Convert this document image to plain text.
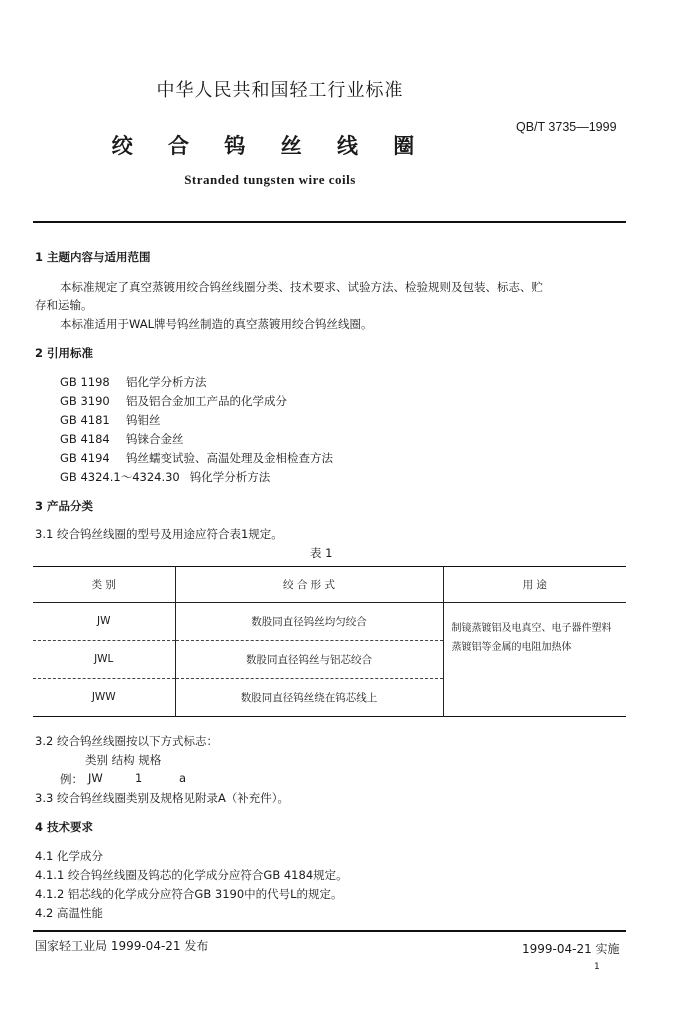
中华人民共和国轻工行业标准
QB/T 3735—1999
绞 合 钨 丝 线 圈
Stranded tungsten wire coils
1 主题内容与适用范围
本标准规定了真空蒸镀用绞合钨丝线圈分类、技术要求、试验方法、检验规则及包装、标志、贮
存和运输。
本标准适用于WAL牌号钨丝制造的真空蒸镀用绞合钨丝线圈。
2 引用标准
GB 1198 铝化学分析方法
GB 3190 铝及铝合金加工产品的化学成分
GB 4181 钨钼丝
GB 4184 钨铼合金丝
GB 4194 钨丝蠕变试验、高温处理及金相检查方法
GB 4324.1～4324.30 钨化学分析方法
3 产品分类
3.1 绞合钨丝线圈的型号及用途应符合表1规定。
表 1
类 别	绞 合 形 式	用 途
JW	数股同直径钨丝均匀绞合	制镜蒸镀铝及电真空、电子器件塑料蒸镀铝等金属的电阻加热体
JWL	数股同直径钨丝与铝芯绞合	
JWW	数股同直径钨丝绕在钨芯线上	
3.2 绞合钨丝线圈按以下方式标志：
类别 结构 规格
例： JW	1	a
3.3 绞合钨丝线圈类别及规格见附录A（补充件）。
4 技术要求
4.1 化学成分
4.1.1 绞合钨丝线圈及钨芯的化学成分应符合GB 4184规定。
4.1.2 铝芯线的化学成分应符合GB 3190中的代号L的规定。
4.2 高温性能
国家轻工业局 1999-04-21 发布	1999-04-21 实施
1
